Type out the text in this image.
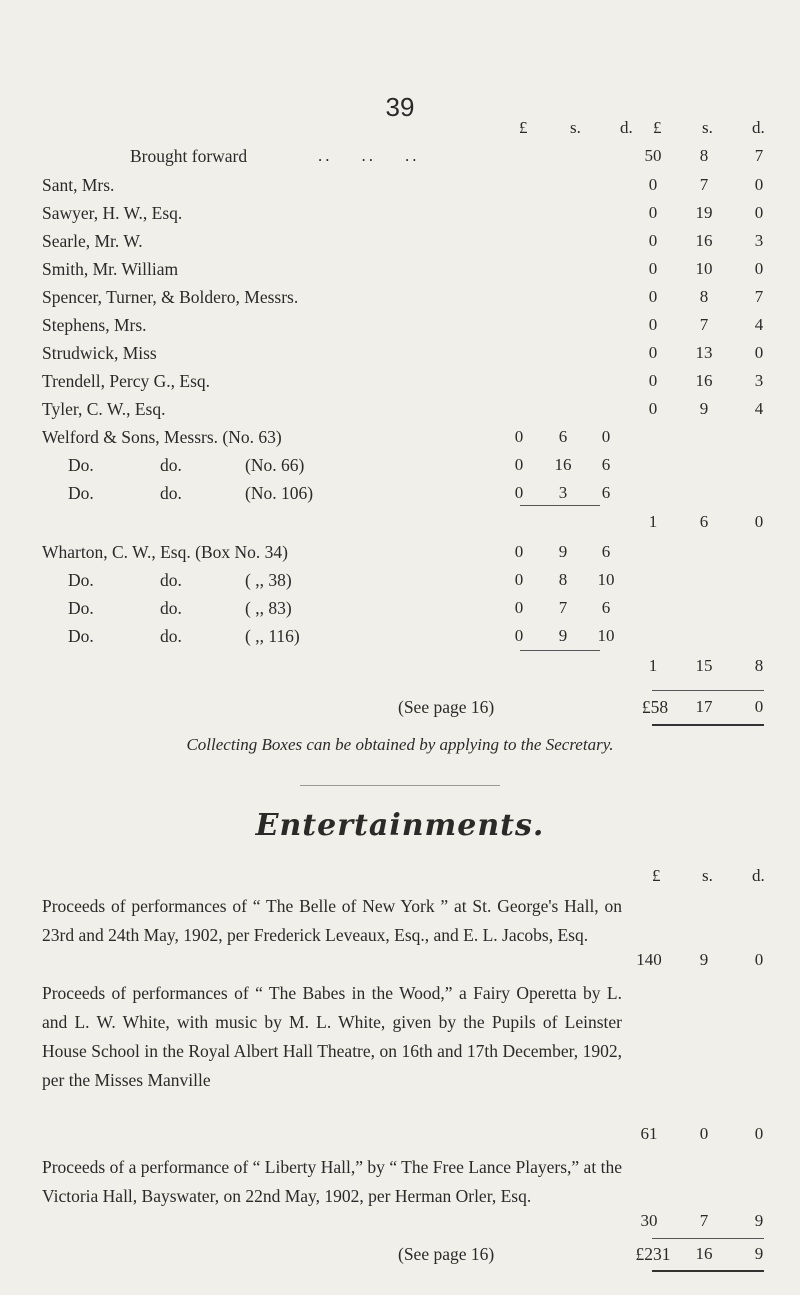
39
£	s. d. £ s. d.
Brought forward	..    ..    ..	50	8	7
Sant, Mrs.	0	7	0
Sawyer, H. W., Esq.	0	19	0
Searle, Mr. W.	0	16	3
Smith, Mr. William	0	10	0
Spencer, Turner, & Boldero, Messrs.	0	8	7
Stephens, Mrs.	0	7	4
Strudwick, Miss	0	13	0
Trendell, Percy G., Esq.	0	16	3
Tyler, C. W., Esq.	0	9	4
Welford & Sons, Messrs. (No. 63)	0	6	0
Do.	do.	(No. 66)	0	16	6
Do.	do.	(No. 106)	0	3	6
1	6	0
Wharton, C. W., Esq. (Box No. 34)	0	9	6
Do.	do.	( ,, 38)	0	8	10
Do.	do.	( ,, 83)	0	7	6
Do.	do.	( ,, 116)	0	9	10
1	15	8
(See page 16)	£58	17	0
Collecting Boxes can be obtained by applying to the Secretary.
Entertainments.
£ s. d.
Proceeds of performances of “ The Belle of New York ” at St. George's Hall, on 23rd and 24th May, 1902, per Frederick Leveaux, Esq., and E. L. Jacobs, Esq.
140	9	0
Proceeds of performances of “ The Babes in the Wood,” a Fairy Operetta by L. and L. W. White, with music by M. L. White, given by the Pupils of Leinster House School in the Royal Albert Hall Theatre, on 16th and 17th December, 1902, per the Misses Manville
61	0	0
Proceeds of a performance of “ Liberty Hall,” by “ The Free Lance Players,” at the Victoria Hall, Bayswater, on 22nd May, 1902, per Herman Orler, Esq.
30	7	9
(See page 16)	£231	16	9
